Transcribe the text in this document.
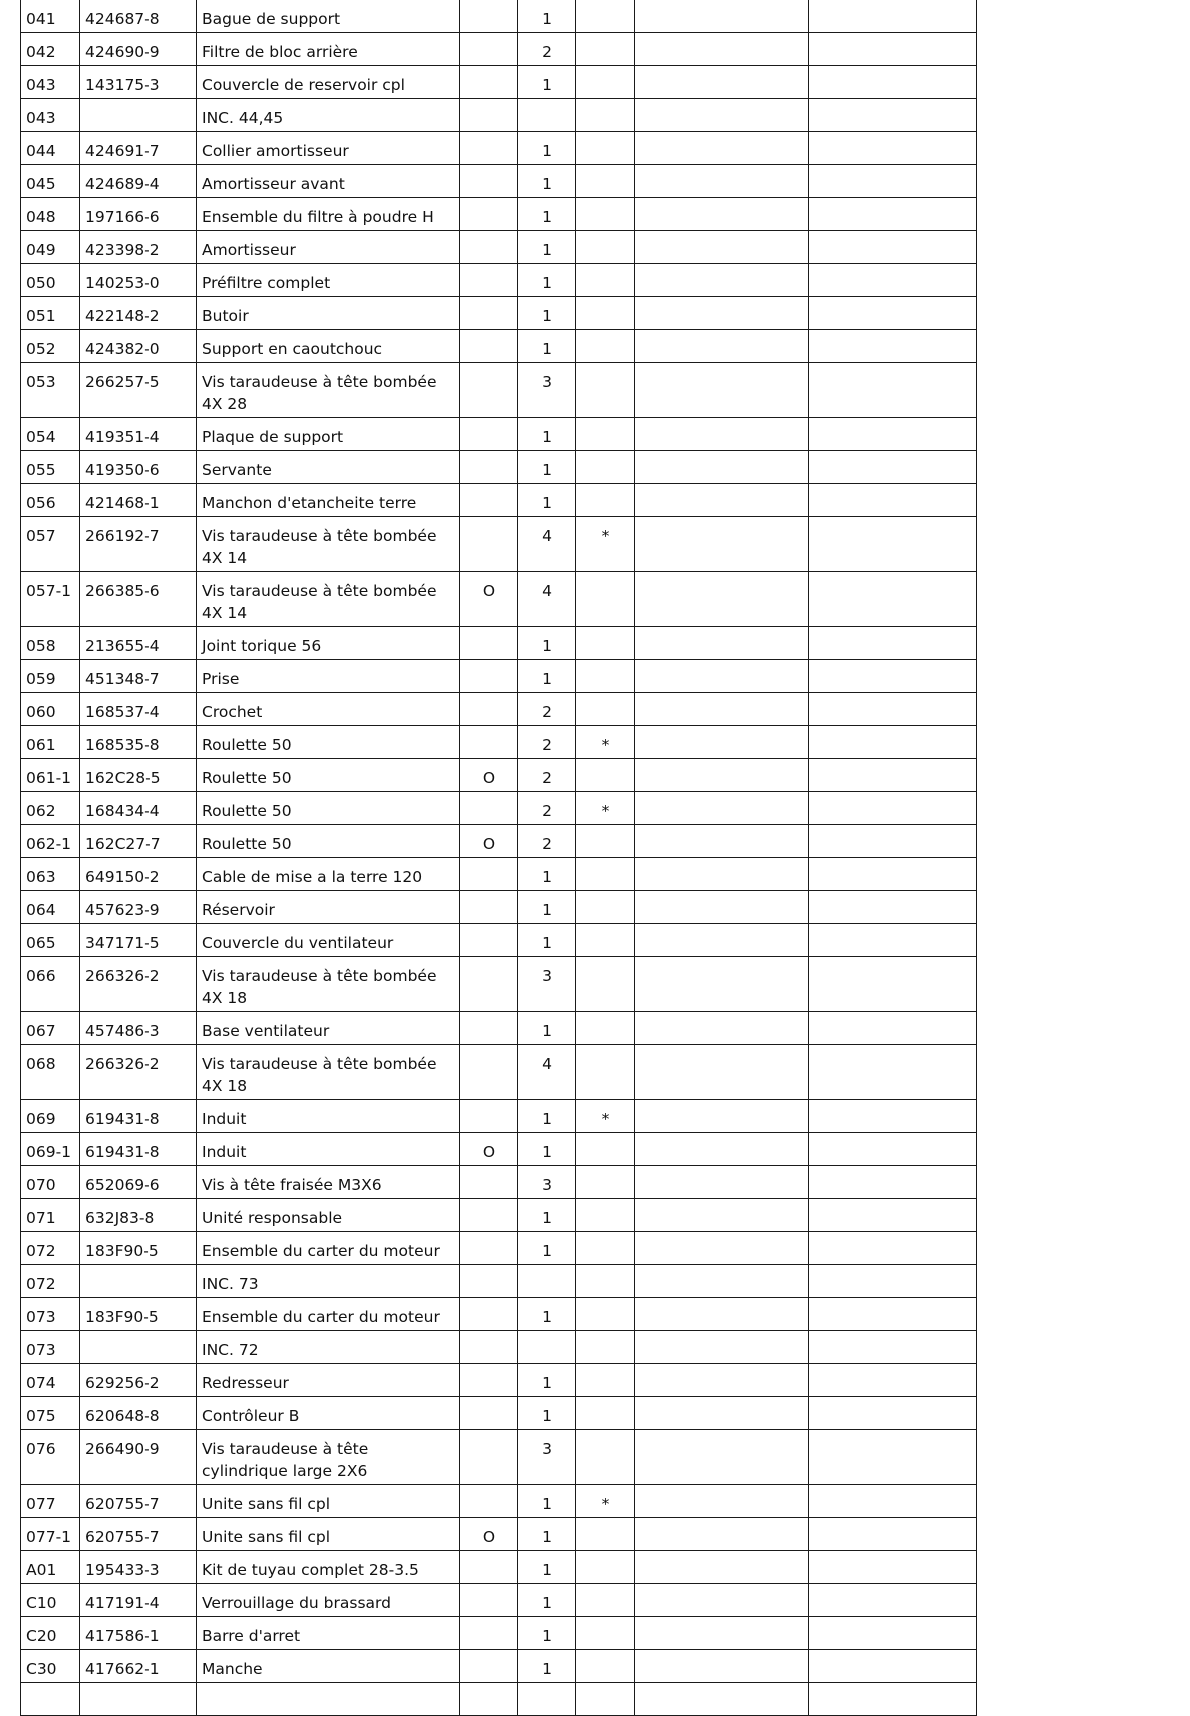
041	424687-8	Bague de support		1			
042	424690-9	Filtre de bloc arrière		2			
043	143175-3	Couvercle de reservoir cpl		1			
043		INC. 44,45					
044	424691-7	Collier amortisseur		1			
045	424689-4	Amortisseur avant		1			
048	197166-6	Ensemble du filtre à poudre H		1			
049	423398-2	Amortisseur		1			
050	140253-0	Préfiltre complet		1			
051	422148-2	Butoir		1			
052	424382-0	Support en caoutchouc		1			
053	266257-5	Vis taraudeuse à tête bombée 4X 28		3			
054	419351-4	Plaque de support		1			
055	419350-6	Servante		1			
056	421468-1	Manchon d'etancheite terre		1			
057	266192-7	Vis taraudeuse à tête bombée 4X 14		4	*		
057-1	266385-6	Vis taraudeuse à tête bombée 4X 14	O	4			
058	213655-4	Joint torique 56		1			
059	451348-7	Prise		1			
060	168537-4	Crochet		2			
061	168535-8	Roulette 50		2	*		
061-1	162C28-5	Roulette 50	O	2			
062	168434-4	Roulette 50		2	*		
062-1	162C27-7	Roulette 50	O	2			
063	649150-2	Cable de mise a la terre 120		1			
064	457623-9	Réservoir		1			
065	347171-5	Couvercle du ventilateur		1			
066	266326-2	Vis taraudeuse à tête bombée 4X 18		3			
067	457486-3	Base ventilateur		1			
068	266326-2	Vis taraudeuse à tête bombée 4X 18		4			
069	619431-8	Induit		1	*		
069-1	619431-8	Induit	O	1			
070	652069-6	Vis à tête fraisée M3X6		3			
071	632J83-8	Unité responsable		1			
072	183F90-5	Ensemble du carter du moteur		1			
072		INC. 73					
073	183F90-5	Ensemble du carter du moteur		1			
073		INC. 72					
074	629256-2	Redresseur		1			
075	620648-8	Contrôleur B		1			
076	266490-9	Vis taraudeuse à tête cylindrique large 2X6		3			
077	620755-7	Unite sans fil cpl		1	*		
077-1	620755-7	Unite sans fil cpl	O	1			
A01	195433-3	Kit de tuyau complet 28-3.5		1			
C10	417191-4	Verrouillage du brassard		1			
C20	417586-1	Barre d'arret		1			
C30	417662-1	Manche		1			
